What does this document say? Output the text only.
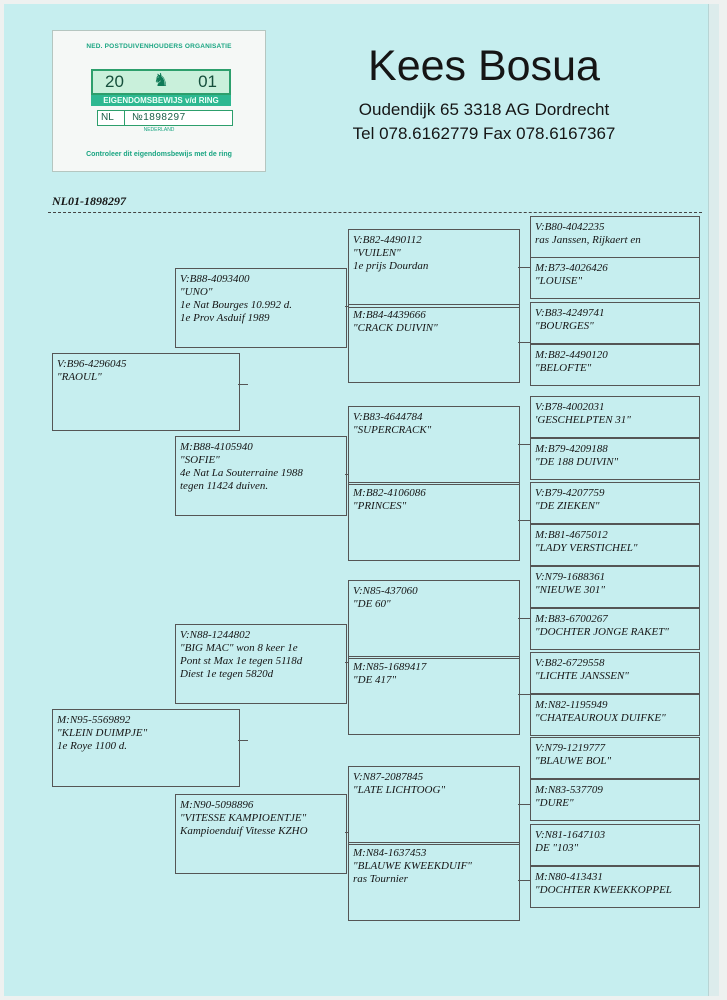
NED. POSTDUIVENHOUDERS ORGANISATIE
20 ♞ 01
EIGENDOMSBEWIJS v/d RING
NL №1898297
NEDERLAND
Controleer dit eigendomsbewijs met de ring
Kees Bosua
Oudendijk 65 3318 AG Dordrecht
Tel 078.6162779 Fax 078.6167367
NL01-1898297
V:B96-4296045
"RAOUL"
M:N95-5569892
"KLEIN DUIMPJE"
1e Roye 1100 d.
V:B88-4093400
"UNO"
1e Nat Bourges 10.992 d.
1e Prov Asduif 1989
M:B88-4105940
"SOFIE"
4e Nat La Souterraine 1988
tegen 11424 duiven.
V:N88-1244802
"BIG MAC" won 8 keer 1e
Pont st Max 1e tegen 5118d
Diest 1e tegen 5820d
M:N90-5098896
"VITESSE KAMPIOENTJE"
Kampioenduif Vitesse KZHO
V:B82-4490112
"VUILEN"
1e prijs Dourdan
M:B84-4439666
"CRACK DUIVIN"
V:B83-4644784
"SUPERCRACK"
M:B82-4106086
"PRINCES"
V:N85-437060
"DE 60"
M:N85-1689417
"DE 417"
V:N87-2087845
"LATE LICHTOOG"
M:N84-1637453
"BLAUWE KWEEKDUIF"
ras Tournier
V:B80-4042235
ras Janssen, Rijkaert en
M:B73-4026426
"LOUISE"
V:B83-4249741
"BOURGES"
M:B82-4490120
"BELOFTE"
V:B78-4002031
'GESCHELPTEN 31"
M:B79-4209188
"DE 188 DUIVIN"
V:B79-4207759
"DE ZIEKEN"
M:B81-4675012
"LADY VERSTICHEL"
V:N79-1688361
"NIEUWE 301"
M:B83-6700267
"DOCHTER JONGE RAKET"
V:B82-6729558
"LICHTE JANSSEN"
M:N82-1195949
"CHATEAUROUX DUIFKE"
V:N79-1219777
"BLAUWE BOL"
M:N83-537709
"DURE"
V:N81-1647103
DE "103"
M:N80-413431
"DOCHTER KWEEKKOPPEL
